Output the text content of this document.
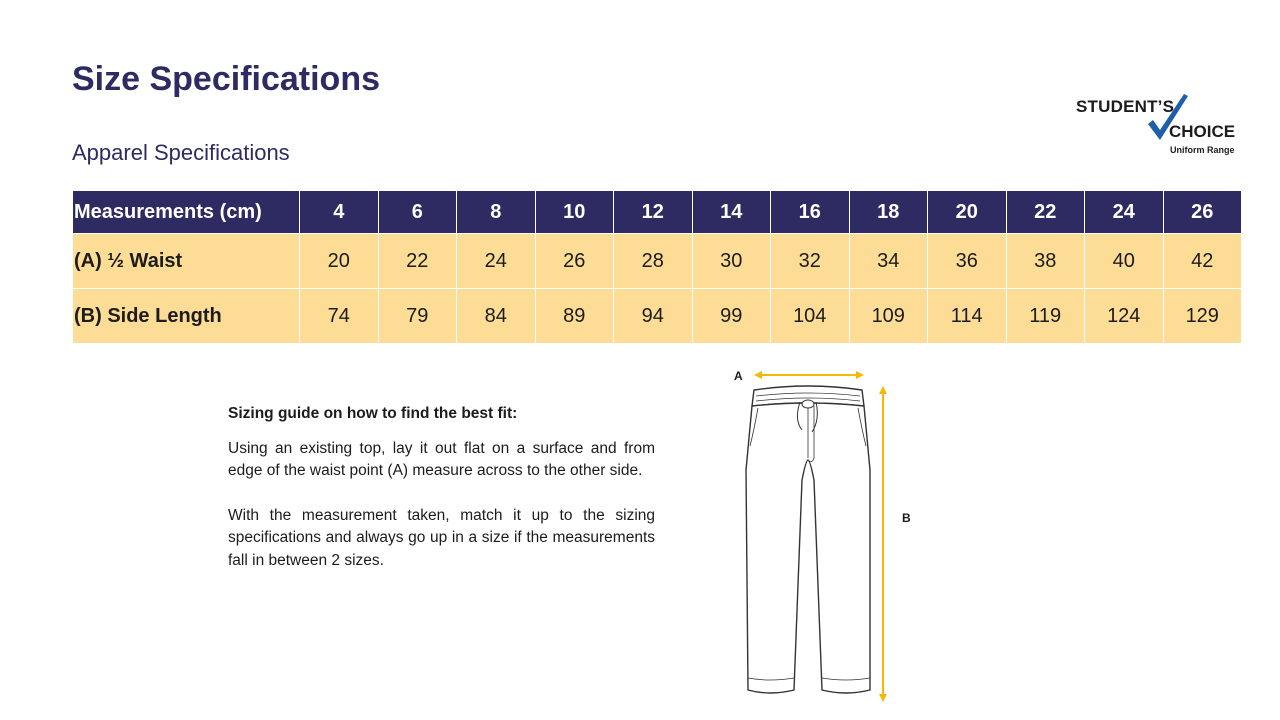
Size Specifications
Apparel Specifications
STUDENT’S
CHOICE
Uniform Range
Measurements (cm)	4	6	8	10	12	14	16	18	20	22	24	26
(A) ½ Waist	20	22	24	26	28	30	32	34	36	38	40	42
(B) Side Length	74	79	84	89	94	99	104	109	114	119	124	129
Sizing guide on how to find the best fit:

Using an existing top, lay it out flat on a surface and from edge of the waist point (A) measure across to the other side.

With the measurement taken, match it up to the sizing specifications and always go up in a size if the measurements fall in between 2 sizes.

A
B
